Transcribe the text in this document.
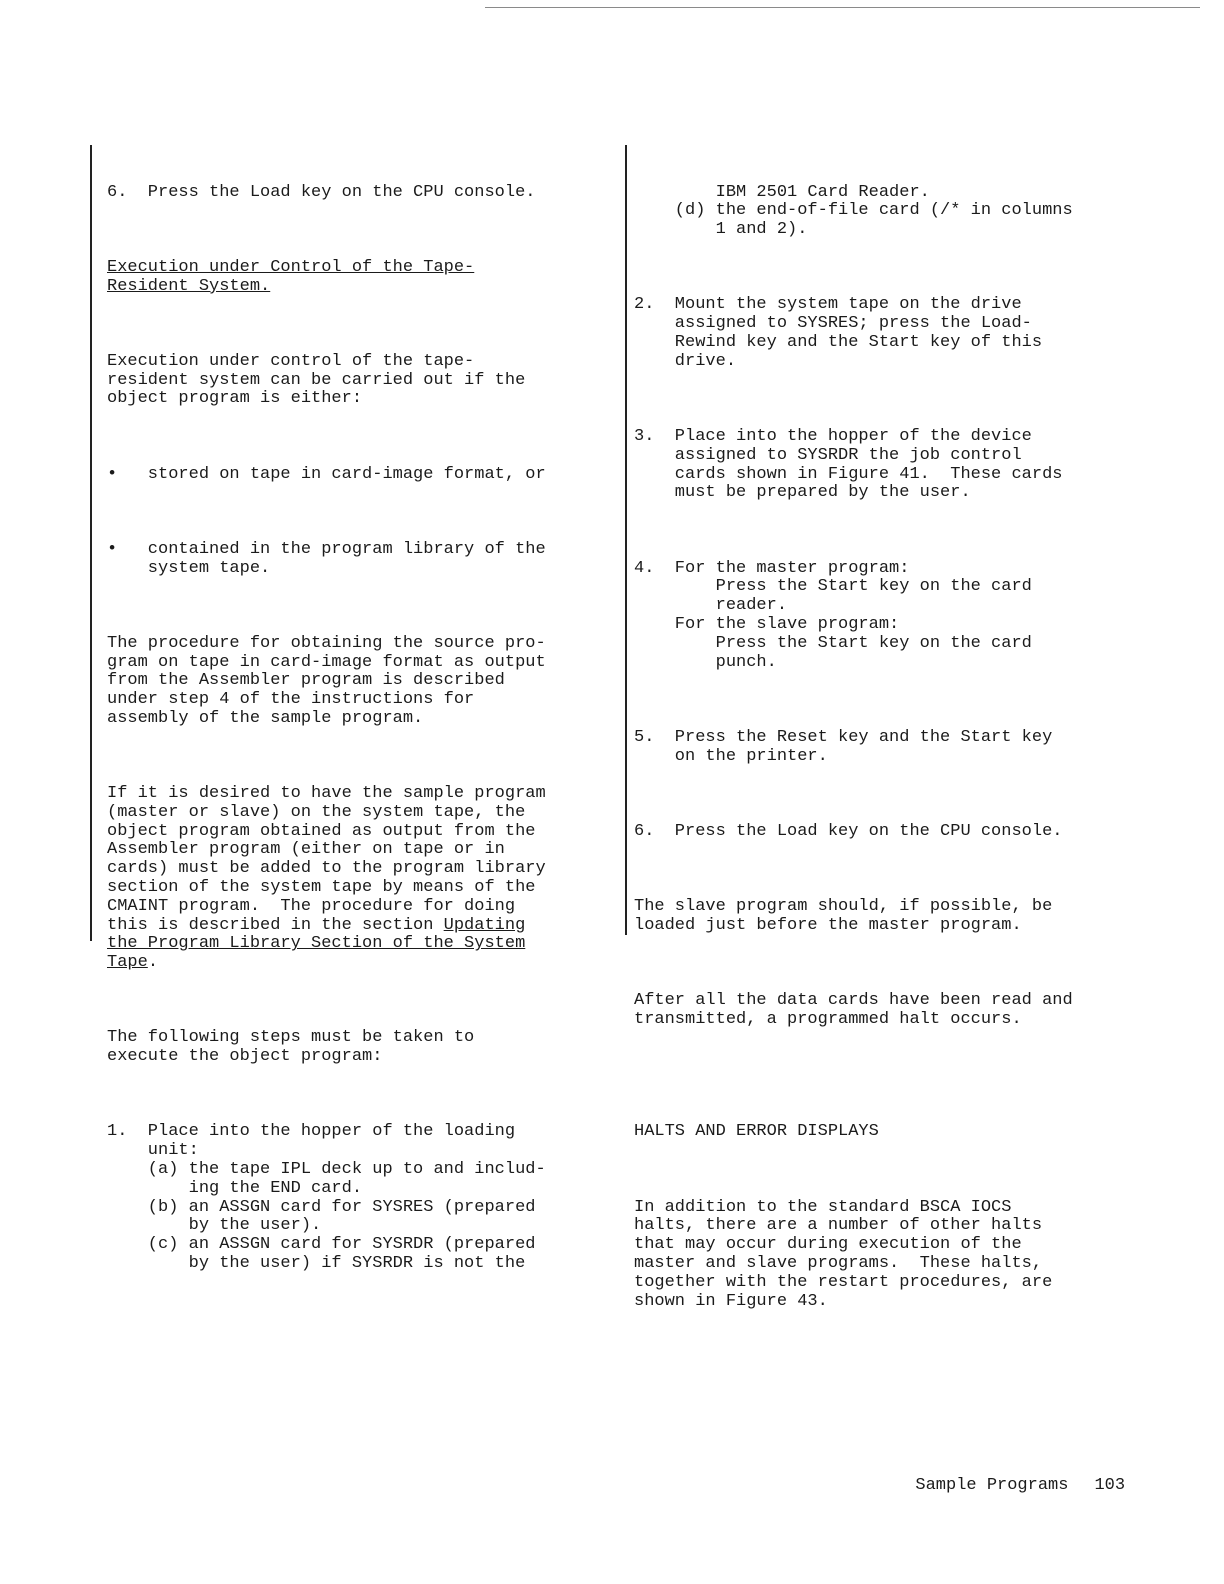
6.  Press the Load key on the CPU console.

Execution under Control of the Tape-
Resident System.

Execution under control of the tape-
resident system can be carried out if the
object program is either:

•   stored on tape in card-image format, or

•   contained in the program library of the
system tape.

The procedure for obtaining the source pro-
gram on tape in card-image format as output
from the Assembler program is described
under step 4 of the instructions for
assembly of the sample program.

If it is desired to have the sample program
(master or slave) on the system tape, the
object program obtained as output from the
Assembler program (either on tape or in
cards) must be added to the program library
section of the system tape by means of the
CMAINT program.  The procedure for doing
this is described in the section Updating
the Program Library Section of the System
Tape.

The following steps must be taken to
execute the object program:

1.  Place into the hopper of the loading
unit:
(a) the tape IPL deck up to and includ-
ing the END card.
(b) an ASSGN card for SYSRES (prepared
by the user).
(c) an ASSGN card for SYSRDR (prepared
by the user) if SYSRDR is not the

IBM 2501 Card Reader.
(d) the end-of-file card (/* in columns
1 and 2).

2.  Mount the system tape on the drive
assigned to SYSRES; press the Load-
Rewind key and the Start key of this
drive.

3.  Place into the hopper of the device
assigned to SYSRDR the job control
cards shown in Figure 41.  These cards
must be prepared by the user.

4.  For the master program:
Press the Start key on the card
reader.
For the slave program:
Press the Start key on the card
punch.

5.  Press the Reset key and the Start key
on the printer.

6.  Press the Load key on the CPU console.

The slave program should, if possible, be
loaded just before the master program.

After all the data cards have been read and
transmitted, a programmed halt occurs.

HALTS AND ERROR DISPLAYS

In addition to the standard BSCA IOCS
halts, there are a number of other halts
that may occur during execution of the
master and slave programs.  These halts,
together with the restart procedures, are
shown in Figure 43.

Sample Programs 103
